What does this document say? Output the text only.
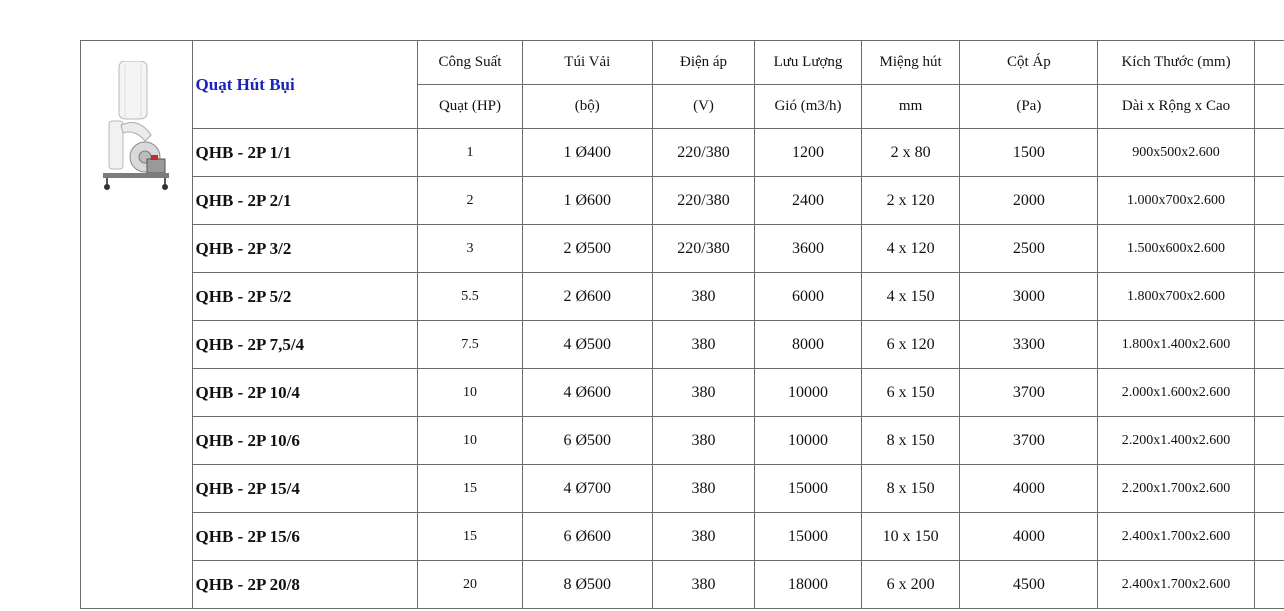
	Quạt Hút Bụi	Công Suất	Túi Vải	Điện áp	Lưu Lượng	Miệng hút	Cột Áp	Kích Thước (mm)	
		Quạt (HP)	(bộ)	(V)	Gió (m3/h)	mm	(Pa)	Dài x Rộng x Cao	
	QHB - 2P 1/1	1	1 Ø400	220/380	1200	2 x 80	1500	900x500x2.600	
	QHB - 2P 2/1	2	1 Ø600	220/380	2400	2 x 120	2000	1.000x700x2.600	
	QHB - 2P 3/2	3	2 Ø500	220/380	3600	4 x 120	2500	1.500x600x2.600	
	QHB - 2P 5/2	5.5	2 Ø600	380	6000	4 x 150	3000	1.800x700x2.600	
	QHB - 2P 7,5/4	7.5	4 Ø500	380	8000	6 x 120	3300	1.800x1.400x2.600	
	QHB - 2P 10/4	10	4 Ø600	380	10000	6 x 150	3700	2.000x1.600x2.600	
	QHB - 2P 10/6	10	6 Ø500	380	10000	8 x 150	3700	2.200x1.400x2.600	
	QHB - 2P 15/4	15	4 Ø700	380	15000	8 x 150	4000	2.200x1.700x2.600	
	QHB - 2P 15/6	15	6 Ø600	380	15000	10 x 150	4000	2.400x1.700x2.600	
	QHB - 2P 20/8	20	8 Ø500	380	18000	6 x 200	4500	2.400x1.700x2.600	
